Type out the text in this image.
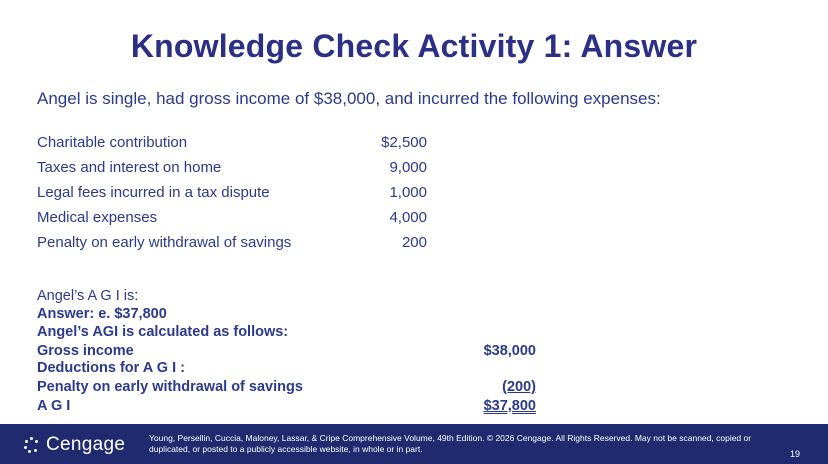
Knowledge Check Activity 1: Answer
Angel is single, had gross income of $38,000, and incurred the following expenses:
Charitable contribution	$2,500
Taxes and interest on home	9,000
Legal fees incurred in a tax dispute	1,000
Medical expenses	4,000
Penalty on early withdrawal of savings	200
Angel’s A G I is:
Answer: e. $37,800
Angel’s AGI is calculated as follows:
Gross income	$38,000
Deductions for A G I :
Penalty on early withdrawal of savings	(200)
A G I	$37,800
Cengage	Young, Persellin, Cuccia, Maloney, Lassar, & Cripe Comprehensive Volume, 49th Edition. © 2026 Cengage. All Rights Reserved. May not be scanned, copied or duplicated, or posted to a publicly accessible website, in whole or in part.	19
